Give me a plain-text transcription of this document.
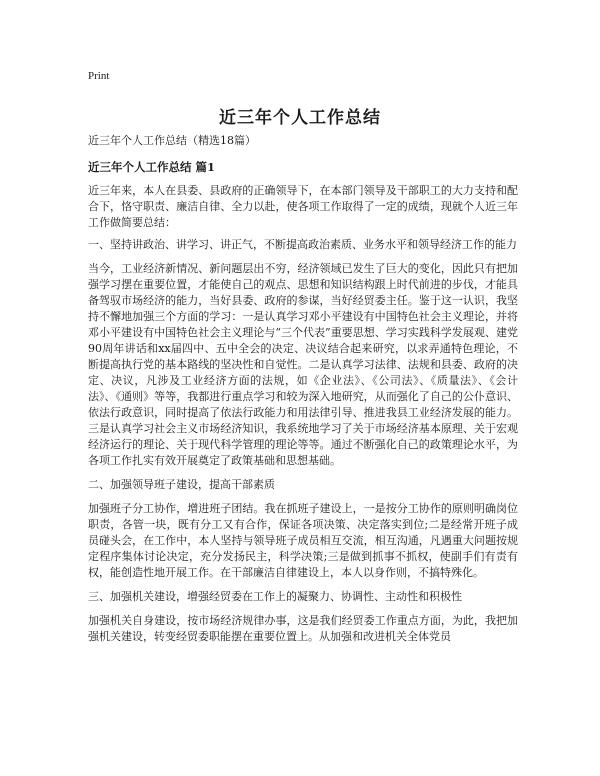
Print
近三年个人工作总结

近三年个人工作总结（精选18篇）

近三年个人工作总结 篇1

近三年来，本人在县委、县政府的正确领导下，在本部门领导及干部职工的大力支持和配合下，恪守职责、廉洁自律、全力以赴，使各项工作取得了一定的成绩，现就个人近三年工作做简要总结：

一、坚持讲政治、讲学习、讲正气，不断提高政治素质、业务水平和领导经济工作的能力

当今，工业经济新情况、新问题层出不穷，经济领域已发生了巨大的变化，因此只有把加强学习摆在重要位置，才能使自己的观点、思想和知识结构跟上时代前进的步伐，才能具备驾驭市场经济的能力，当好县委、政府的参谋，当好经贸委主任。鉴于这一认识，我坚持不懈地加强三个方面的学习：一是认真学习邓小平建设有中国特色社会主义理论，并将邓小平建设有中国特色社会主义理论与“三个代表”重要思想、学习实践科学发展观、建党90周年讲话和xx届四中、五中全会的决定、决议结合起来研究，以求弄通特色理论，不断提高执行党的基本路线的坚决性和自觉性。二是认真学习法律、法规和县委、政府的决定、决议，凡涉及工业经济方面的法规，如《企业法》、《公司法》、《质量法》、《会计法》、《通则》等等，我都进行重点学习和较为深入地研究，从而强化了自己的公仆意识、依法行政意识，同时提高了依法行政能力和用法律引导、推进我县工业经济发展的能力。三是认真学习社会主义市场经济知识，我系统地学习了关于市场经济基本原理、关于宏观经济运行的理论、关于现代科学管理的理论等等。通过不断强化自己的政策理论水平，为各项工作扎实有效开展奠定了政策基础和思想基础。

二、加强领导班子建设，提高干部素质

加强班子分工协作，增进班子团结。我在抓班子建设上，一是按分工协作的原则明确岗位职责，各管一块，既有分工又有合作，保证各项决策、决定落实到位;二是经常开班子成员碰头会，在工作中，本人坚持与领导班子成员相互交流，相互沟通，凡遇重大问题按规定程序集体讨论决定，充分发扬民主，科学决策;三是做到抓事不抓权，使副手们有责有权，能创造性地开展工作。在干部廉洁自律建设上，本人以身作则，不搞特殊化。

三、加强机关建设，增强经贸委在工作上的凝聚力、协调性、主动性和积极性

加强机关自身建设，按市场经济规律办事，这是我们经贸委工作重点方面，为此，我把加强机关建设，转变经贸委职能摆在重要位置上。从加强和改进机关全体党员
